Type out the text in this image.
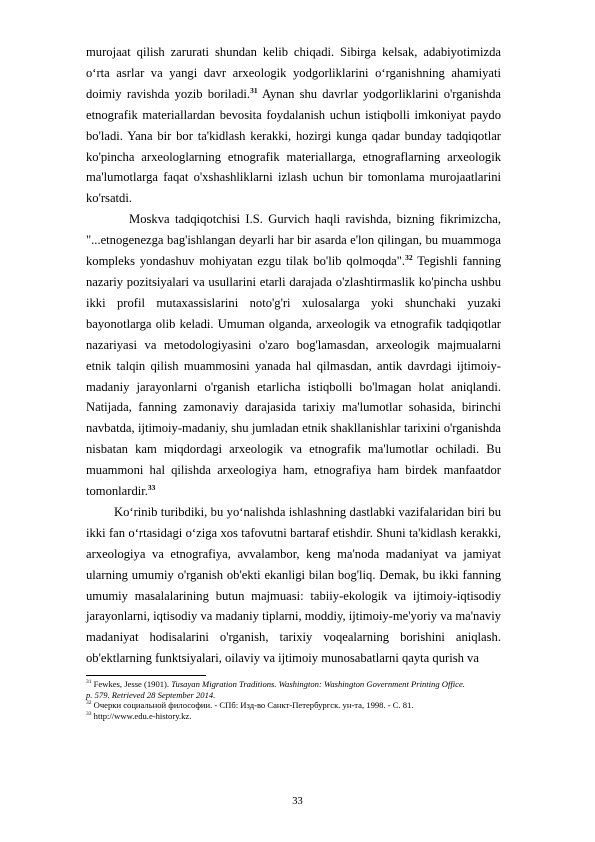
murojaat qilish zarurati shundan kelib chiqadi. Sibirga kelsak, adabiyotimizda o‘rta asrlar va yangi davr arxeologik yodgorliklarini o‘rganishning ahamiyati doimiy ravishda yozib boriladi.$^{31}$ Aynan shu davrlar yodgorliklarini o'rganishda etnografik materiallardan bevosita foydalanish uchun istiqbolli imkoniyat paydo bo'ladi. Yana bir bor ta'kidlash kerakki, hozirgi kunga qadar bunday tadqiqotlar ko'pincha arxeologlarning etnografik materiallarga, etnograflarning arxeologik ma'lumotlarga faqat o'xshashliklarni izlash uchun bir tomonlama murojaatlarini ko'rsatdi.

Moskva tadqiqotchisi I.S. Gurvich haqli ravishda, bizning fikrimizcha, "...etnogenezga bag'ishlangan deyarli har bir asarda e'lon qilingan, bu muammoga kompleks yondashuv mohiyatan ezgu tilak bo'lib qolmoqda".$^{32}$ Tegishli fanning nazariy pozitsiyalari va usullarini etarli darajada o'zlashtirmaslik ko'pincha ushbu ikki profil mutaxassislarini noto'g'ri xulosalarga yoki shunchaki yuzaki bayonotlarga olib keladi. Umuman olganda, arxeologik va etnografik tadqiqotlar nazariyasi va metodologiyasini o'zaro bog'lamasdan, arxeologik majmualarni etnik talqin qilish muammosini yanada hal qilmasdan, antik davrdagi ijtimoiy-madaniy jarayonlarni o'rganish etarlicha istiqbolli bo'lmagan holat aniqlandi. Natijada, fanning zamonaviy darajasida tarixiy ma'lumotlar sohasida, birinchi navbatda, ijtimoiy-madaniy, shu jumladan etnik shakllanishlar tarixini o'rganishda nisbatan kam miqdordagi arxeologik va etnografik ma'lumotlar ochiladi. Bu muammoni hal qilishda arxeologiya ham, etnografiya ham birdek manfaatdor tomonlardir.$^{33}$

Ko‘rinib turibdiki, bu yo‘nalishda ishlashning dastlabki vazifalaridan biri bu ikki fan o‘rtasidagi o‘ziga xos tafovutni bartaraf etishdir. Shuni ta'kidlash kerakki, arxeologiya va etnografiya, avvalambor, keng ma'noda madaniyat va jamiyat ularning umumiy o'rganish ob'ekti ekanligi bilan bog'liq. Demak, bu ikki fanning umumiy masalalarining butun majmuasi: tabiiy-ekologik va ijtimoiy-iqtisodiy jarayonlarni, iqtisodiy va madaniy tiplarni, moddiy, ijtimoiy-me'yoriy va ma'naviy madaniyat hodisalarini o'rganish, tarixiy voqealarning borishini aniqlash. ob'ektlarning funktsiyalari, oilaviy va ijtimoiy munosabatlarni qayta qurish va

$^{31}$ Fewkes, Jesse (1901). Tusayan Migration Traditions. Washington: Washington Government Printing Office.
p. 579. Retrieved 28 September 2014.

$^{32}$ Очерки социальной философии. - СПб: Изд-во Санкт-Петербургск. ун-та, 1998. - С. 81.

$^{33}$ http://www.edu.e-history.kz.

33
